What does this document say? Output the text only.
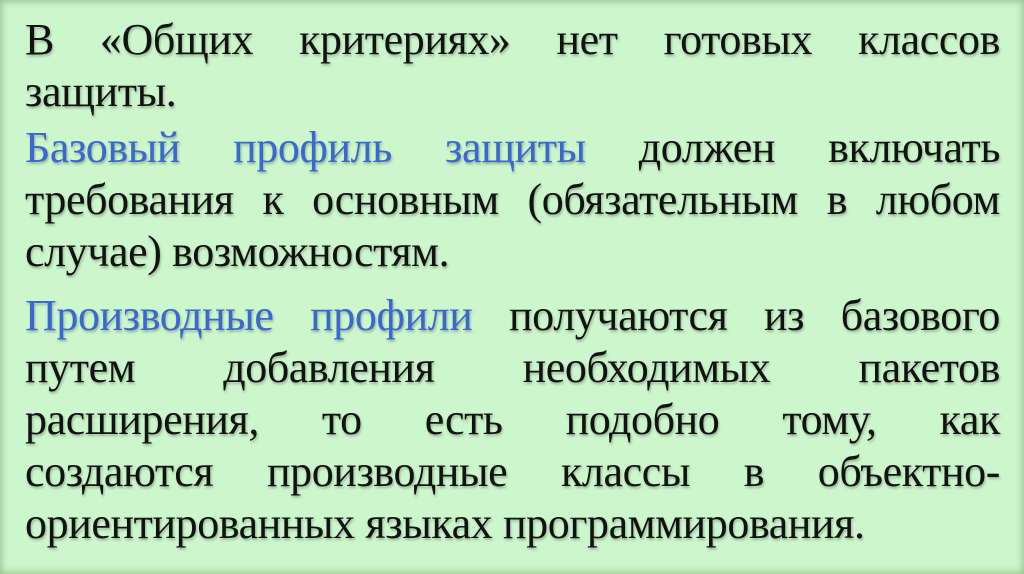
В «Общих критериях» нет готовых классов
защиты.
Базовый профиль защиты должен включать
требования к основным (обязательным в любом
случае) возможностям.
Производные профили получаются из базового
путем добавления необходимых пакетов
расширения, то есть подобно тому, как
создаются производные классы в объектно-
ориентированных языках программирования.
